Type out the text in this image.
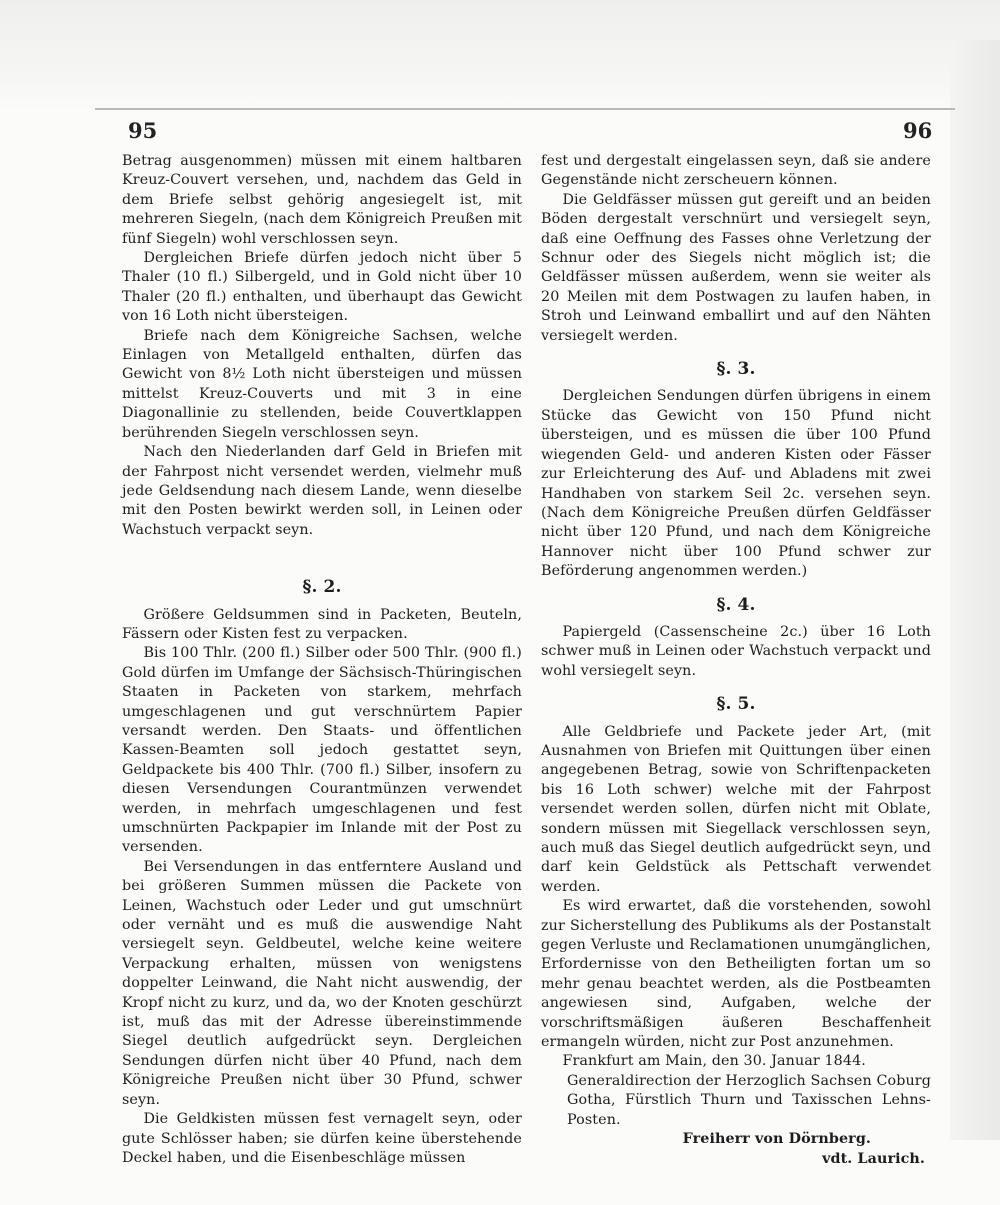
95	96

Betrag ausgenommen) müssen mit einem haltbaren Kreuz-Couvert versehen, und, nachdem das Geld in dem Briefe selbst gehörig angesiegelt ist, mit mehreren Siegeln, (nach dem Königreich Preußen mit fünf Siegeln) wohl verschlossen seyn.

Dergleichen Briefe dürfen jedoch nicht über 5 Thaler (10 fl.) Silbergeld, und in Gold nicht über 10 Thaler (20 fl.) enthalten, und überhaupt das Gewicht von 16 Loth nicht übersteigen.

Briefe nach dem Königreiche Sachsen, welche Einlagen von Metallgeld enthalten, dürfen das Gewicht von 8½ Loth nicht übersteigen und müssen mittelst Kreuz-Couverts und mit 3 in eine Diagonallinie zu stellenden, beide Couvertklappen berührenden Siegeln verschlossen seyn.

Nach den Niederlanden darf Geld in Briefen mit der Fahrpost nicht versendet werden, vielmehr muß jede Geldsendung nach diesem Lande, wenn dieselbe mit den Posten bewirkt werden soll, in Leinen oder Wachstuch verpackt seyn.

§. 2.

Größere Geldsummen sind in Packeten, Beuteln, Fässern oder Kisten fest zu verpacken.

Bis 100 Thlr. (200 fl.) Silber oder 500 Thlr. (900 fl.) Gold dürfen im Umfange der Sächsisch-Thüringischen Staaten in Packeten von starkem, mehrfach umgeschlagenen und gut verschnürtem Papier versandt werden. Den Staats- und öffentlichen Kassen-Beamten soll jedoch gestattet seyn, Geldpackete bis 400 Thlr. (700 fl.) Silber, insofern zu diesen Versendungen Courantmünzen verwendet werden, in mehrfach umgeschlagenen und fest umschnürten Packpapier im Inlande mit der Post zu versenden.

Bei Versendungen in das entferntere Ausland und bei größeren Summen müssen die Packete von Leinen, Wachstuch oder Leder und gut umschnürt oder vernäht und es muß die auswendige Naht versiegelt seyn. Geldbeutel, welche keine weitere Verpackung erhalten, müssen von wenigstens doppelter Leinwand, die Naht nicht auswendig, der Kropf nicht zu kurz, und da, wo der Knoten geschürzt ist, muß das mit der Adresse übereinstimmende Siegel deutlich aufgedrückt seyn. Dergleichen Sendungen dürfen nicht über 40 Pfund, nach dem Königreiche Preußen nicht über 30 Pfund, schwer seyn.

Die Geldkisten müssen fest vernagelt seyn, oder gute Schlösser haben; sie dürfen keine überstehende Deckel haben, und die Eisenbeschläge müssen

fest und dergestalt eingelassen seyn, daß sie andere Gegenstände nicht zerscheuern können.

Die Geldfässer müssen gut gereift und an beiden Böden dergestalt verschnürt und versiegelt seyn, daß eine Oeffnung des Fasses ohne Verletzung der Schnur oder des Siegels nicht möglich ist; die Geldfässer müssen außerdem, wenn sie weiter als 20 Meilen mit dem Postwagen zu laufen haben, in Stroh und Leinwand emballirt und auf den Nähten versiegelt werden.

§. 3.

Dergleichen Sendungen dürfen übrigens in einem Stücke das Gewicht von 150 Pfund nicht übersteigen, und es müssen die über 100 Pfund wiegenden Geld- und anderen Kisten oder Fässer zur Erleichterung des Auf- und Abladens mit zwei Handhaben von starkem Seil 2c. versehen seyn. (Nach dem Königreiche Preußen dürfen Geldfässer nicht über 120 Pfund, und nach dem Königreiche Hannover nicht über 100 Pfund schwer zur Beförderung angenommen werden.)

§. 4.

Papiergeld (Cassenscheine 2c.) über 16 Loth schwer muß in Leinen oder Wachstuch verpackt und wohl versiegelt seyn.

§. 5.

Alle Geldbriefe und Packete jeder Art, (mit Ausnahmen von Briefen mit Quittungen über einen angegebenen Betrag, sowie von Schriftenpacketen bis 16 Loth schwer) welche mit der Fahrpost versendet werden sollen, dürfen nicht mit Oblate, sondern müssen mit Siegellack verschlossen seyn, auch muß das Siegel deutlich aufgedrückt seyn, und darf kein Geldstück als Pettschaft verwendet werden.

Es wird erwartet, daß die vorstehenden, sowohl zur Sicherstellung des Publikums als der Postanstalt gegen Verluste und Reclamationen unumgänglichen, Erfordernisse von den Betheiligten fortan um so mehr genau beachtet werden, als die Postbeamten angewiesen sind, Aufgaben, welche der vorschriftsmäßigen äußeren Beschaffenheit ermangeln würden, nicht zur Post anzunehmen.

Frankfurt am Main, den 30. Januar 1844.

Generaldirection der Herzoglich Sachsen Coburg Gotha, Fürstlich Thurn und Taxisschen Lehns-Posten.

Freiherr von Dörnberg.

vdt. Laurich.
